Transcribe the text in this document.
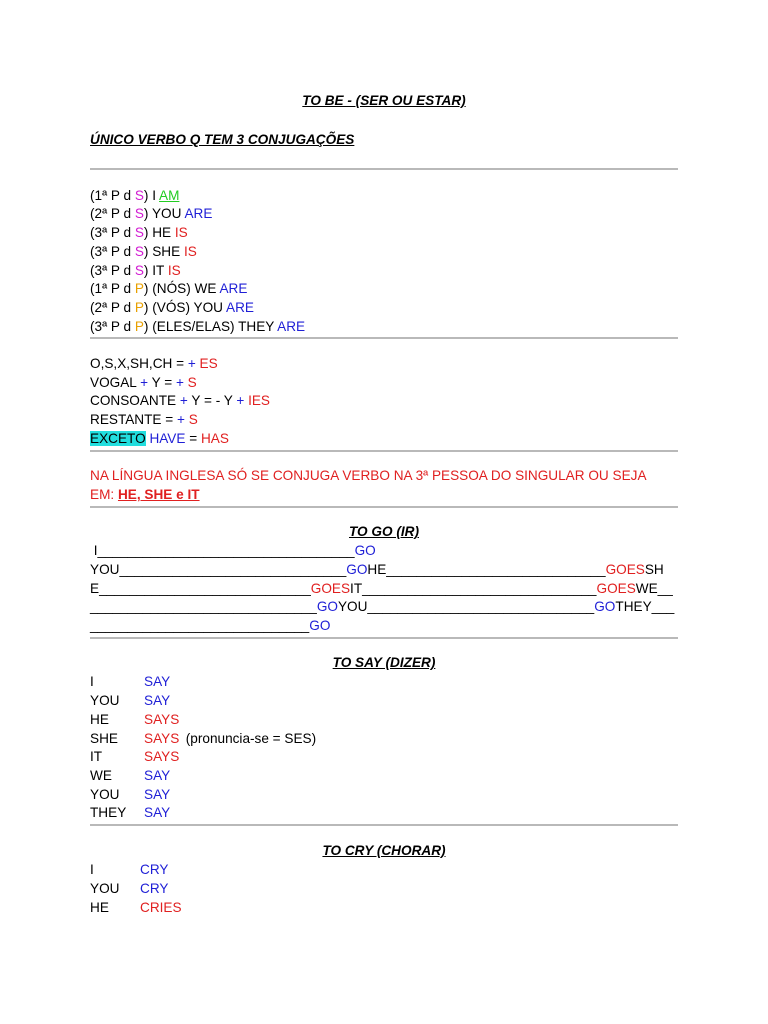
TO BE - (SER OU ESTAR)
ÚNICO VERBO Q TEM 3 CONJUGAÇÕES
(1ª P d S) I AM
(2ª P d S) YOU ARE
(3ª P d S) HE IS
(3ª P d S) SHE IS
(3ª P d S) IT IS
(1ª P d P) (NÓS) WE ARE
(2ª P d P) (VÓS) YOU ARE
(3ª P d P) (ELES/ELAS) THEY ARE
O,S,X,SH,CH = + ES
VOGAL + Y = + S
CONSOANTE + Y = - Y + IES
RESTANTE = + S
EXCETO HAVE = HAS
NA LÍNGUA INGLESA SÓ SE CONJUGA VERBO NA 3ª PESSOA DO SINGULAR OU SEJA
EM: HE, SHE e IT
TO GO (IR)
I__________________________________GO
YOU______________________________GOHE_____________________________GOESSH
E____________________________GOESIT_______________________________GOESWE__
______________________________GOYOU______________________________GOTHEY___
_____________________________GO
TO SAY (DIZER)
I	SAY
YOU SAY
HE	SAYS
SHE SAYS (pronuncia-se = SES)
IT	SAYS
WE SAY
YOU SAY
THEY SAY
TO CRY (CHORAR)
I	CRY
YOU CRY
HE CRIES
